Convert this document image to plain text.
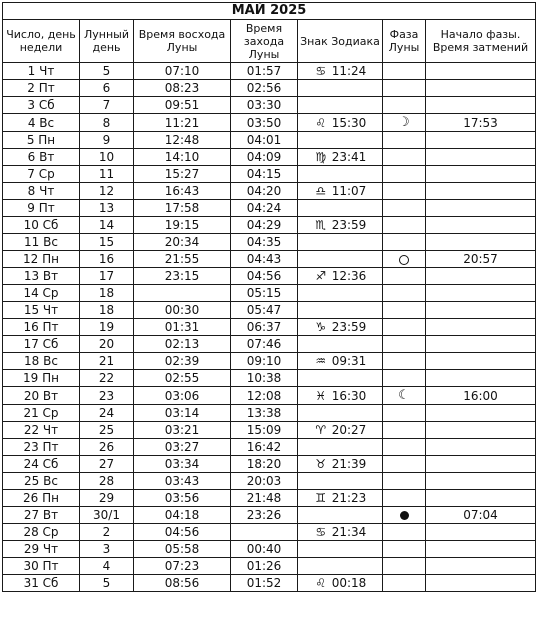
МАЙ 2025						
Число, день недели	Лунный день	Время восхода Луны	Время захода Луны	Знак Зодиака	Фаза Луны	Начало фазы. Время затмений
1 Чт	5	07:10	01:57	♋ 11:24		
2 Пт	6	08:23	02:56			
3 Сб	7	09:51	03:30			
4 Вс	8	11:21	03:50	♌ 15:30	☽	17:53
5 Пн	9	12:48	04:01			
6 Вт	10	14:10	04:09	♍ 23:41		
7 Ср	11	15:27	04:15			
8 Чт	12	16:43	04:20	♎ 11:07		
9 Пт	13	17:58	04:24			
10 Сб	14	19:15	04:29	♏ 23:59		
11 Вс	15	20:34	04:35			
12 Пн	16	21:55	04:43			20:57
13 Вт	17	23:15	04:56	♐ 12:36		
14 Ср	18		05:15			
15 Чт	18	00:30	05:47			
16 Пт	19	01:31	06:37	♑ 23:59		
17 Сб	20	02:13	07:46			
18 Вс	21	02:39	09:10	♒ 09:31		
19 Пн	22	02:55	10:38			
20 Вт	23	03:06	12:08	♓ 16:30	☾	16:00
21 Ср	24	03:14	13:38			
22 Чт	25	03:21	15:09	♈ 20:27		
23 Пт	26	03:27	16:42			
24 Сб	27	03:34	18:20	♉ 21:39		
25 Вс	28	03:43	20:03			
26 Пн	29	03:56	21:48	♊ 21:23		
27 Вт	30/1	04:18	23:26			07:04
28 Ср	2	04:56		♋ 21:34		
29 Чт	3	05:58	00:40			
30 Пт	4	07:23	01:26			
31 Сб	5	08:56	01:52	♌ 00:18		
